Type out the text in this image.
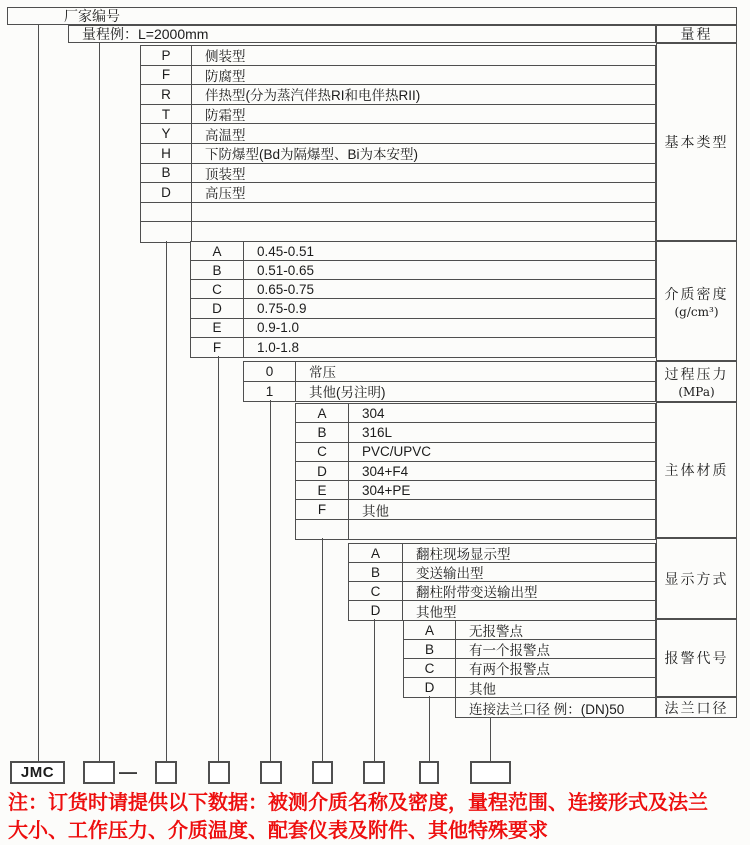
注：订货时请提供以下数据：被测介质名称及密度，量程范围、连接形式及法兰
大小、工作压力、介质温度、配套仪表及附件、其他特殊要求
厂家编号
量程例：L=2000mm	量程
P	侧装型
F	防腐型
R	伴热型(分为蒸汽伴热RI和电伴热RII)
T	防霜型
Y	高温型
H	下防爆型(Bd为隔爆型、Bi为本安型)
B	顶装型
D	高压型
基本类型
A	0.45-0.51
B	0.51-0.65
C	0.65-0.75
D	0.75-0.9
E	0.9-1.0
F	1.0-1.8
介质密度
(g/cm³)
0	常压
1	其他(另注明)
过程压力
(MPa)
A	304
B	316L
C	PVC/UPVC
D	304+F4
E	304+PE
F	其他
主体材质
A	翻柱现场显示型
B	变送输出型
C	翻柱附带变送输出型
D	其他型
显示方式
A	无报警点
B	有一个报警点
C	有两个报警点
D	其他
报警代号
连接法兰口径 例：(DN)50	法兰口径
JMC	—
